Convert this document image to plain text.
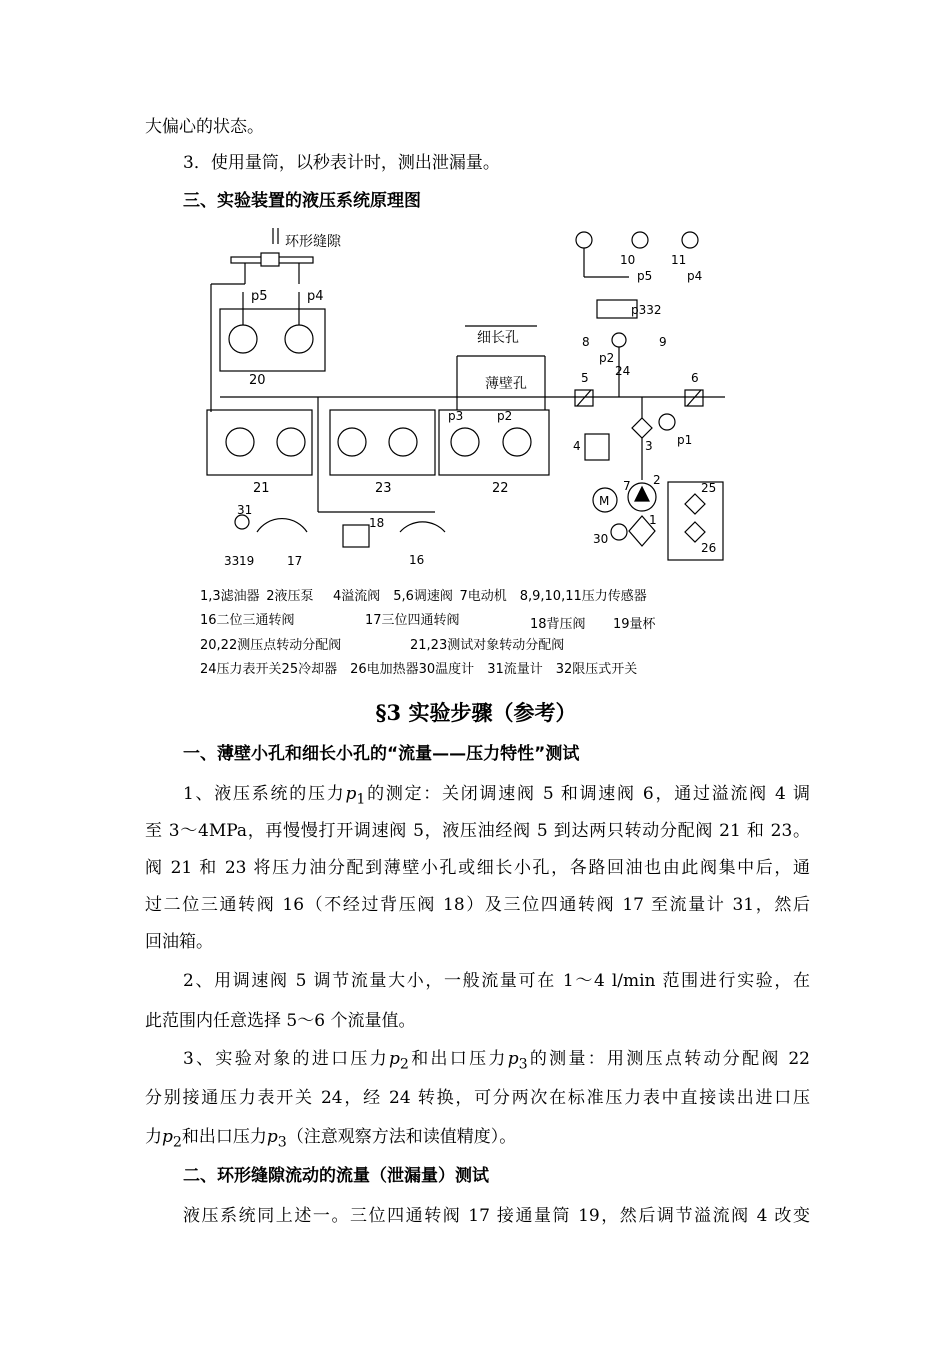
大偏心的状态。
3．使用量筒，以秒表计时，测出泄漏量。
三、实验装置的液压系统原理图
环形缝隙
p5	p4
20
21	23	22
p3	p2
细长孔
薄壁孔	5	6
4	3 p1
2
7
M
1
25
26
30
31
18
16
17
19
33
10	11
p5	p4
p332
8	9
p2
24
1,3滤油器  2液压泵   4溢流阀  5,6调速阀  7电动机  8,9,10,11压力传感器
16二位三通转阀	17三位四通转阀	18背压阀 19量杯
20,22测压点转动分配阀	21,23测试对象转动分配阀
24压力表开关25冷却器  26电加热器30温度计  31流量计  32限压式开关
§3 实验步骤（参考）
一、薄壁小孔和细长小孔的“流量——压力特性”测试
1、液压系统的压力$p_1$的测定：关闭调速阀 5 和调速阀 6，通过溢流阀 4 调
至 3～4MPa，再慢慢打开调速阀 5，液压油经阀 5 到达两只转动分配阀 21 和 23。
阀 21 和 23 将压力油分配到薄壁小孔或细长小孔，各路回油也由此阀集中后，通
过二位三通转阀 16（不经过背压阀 18）及三位四通转阀 17 至流量计 31，然后
回油箱。
2、用调速阀 5 调节流量大小，一般流量可在 1～4 l/min 范围进行实验，在
此范围内任意选择 5～6 个流量值。
3、实验对象的进口压力$p_2$和出口压力$p_3$的测量：用测压点转动分配阀 22
分别接通压力表开关 24，经 24 转换，可分两次在标准压力表中直接读出进口压
力$p_2$和出口压力$p_3$（注意观察方法和读值精度）。
二、环形缝隙流动的流量（泄漏量）测试
液压系统同上述一。三位四通转阀 17 接通量筒 19，然后调节溢流阀 4 改变
